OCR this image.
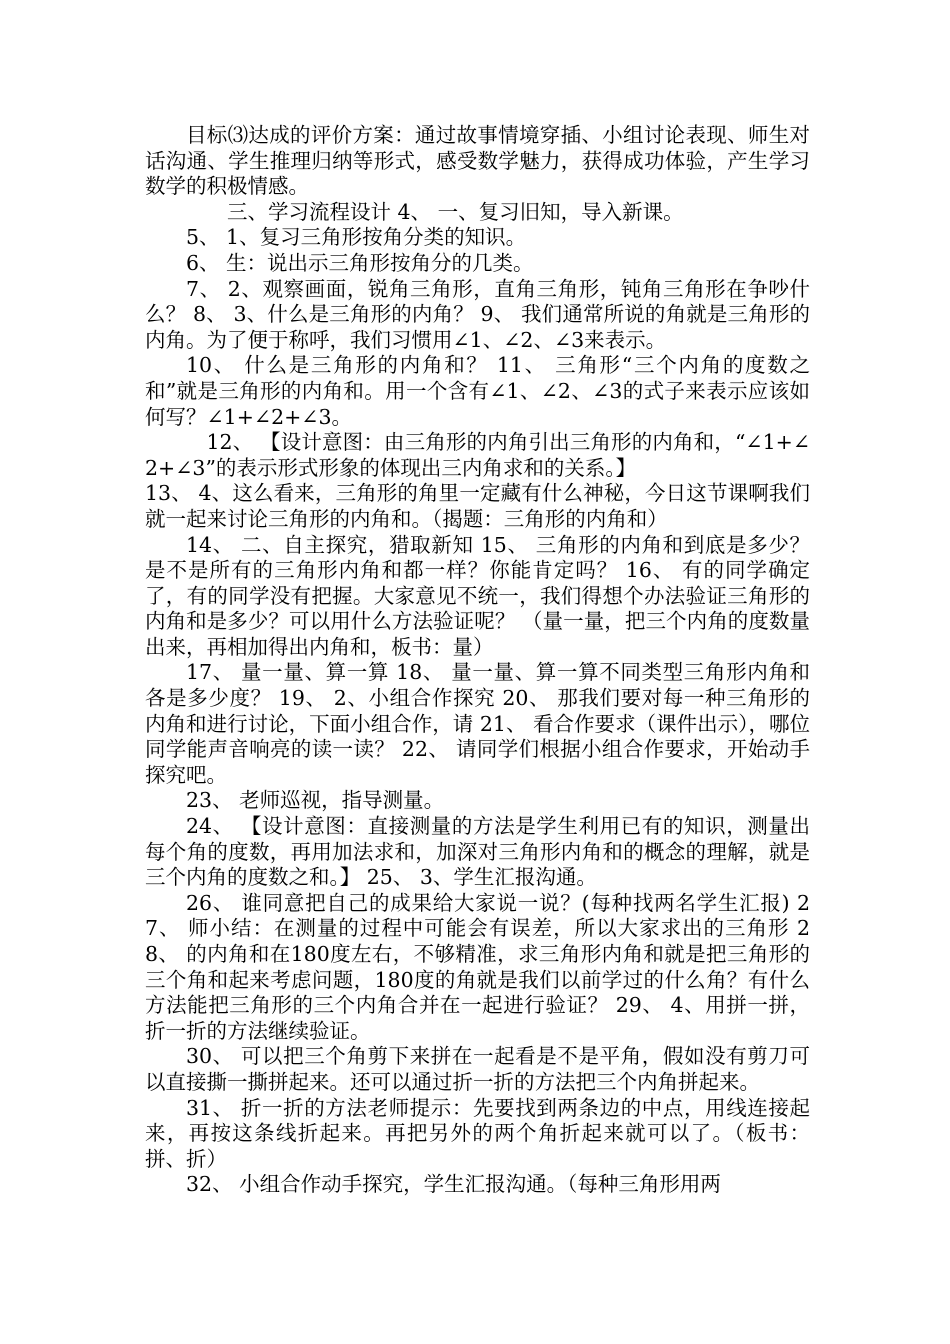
目标⑶达成的评价方案：通过故事情境穿插、小组讨论表现、师生对话沟通、学生推理归纳等形式，感受数学魅力，获得成功体验，产生学习数学的积极情感。

三、学习流程设计 4、 一、复习旧知，导入新课。

5、 1、复习三角形按角分类的知识。

6、 生：说出示三角形按角分的几类。

7、 2、观察画面，锐角三角形，直角三角形，钝角三角形在争吵什么？ 8、 3、什么是三角形的内角？ 9、 我们通常所说的角就是三角形的内角。为了便于称呼，我们习惯用∠1、∠2、∠3来表示。

10、 什么是三角形的内角和？ 11、 三角形“三个内角的度数之和”就是三角形的内角和。用一个含有∠1、∠2、∠3的式子来表示应该如何写？∠1+∠2+∠3。

12、 【设计意图：由三角形的内角引出三角形的内角和，“∠1+∠2+∠3”的表示形式形象的体现出三内角求和的关系。】

13、 4、这么看来，三角形的角里一定藏有什么神秘，今日这节课啊我们就一起来讨论三角形的内角和。（揭题：三角形的内角和）

14、 二、自主探究，猎取新知 15、 三角形的内角和到底是多少？是不是所有的三角形内角和都一样？你能肯定吗？ 16、 有的同学确定了，有的同学没有把握。大家意见不统一，我们得想个办法验证三角形的内角和是多少？可以用什么方法验证呢？ （量一量，把三个内角的度数量出来，再相加得出内角和，板书：量）

17、 量一量、算一算 18、 量一量、算一算不同类型三角形内角和各是多少度？ 19、 2、小组合作探究 20、 那我们要对每一种三角形的内角和进行讨论，下面小组合作，请 21、 看合作要求（课件出示），哪位同学能声音响亮的读一读？ 22、 请同学们根据小组合作要求，开始动手探究吧。

23、 老师巡视，指导测量。

24、 【设计意图：直接测量的方法是学生利用已有的知识，测量出每个角的度数，再用加法求和，加深对三角形内角和的概念的理解，就是三个内角的度数之和。】 25、 3、学生汇报沟通。

26、 谁同意把自己的成果给大家说一说？(每种找两名学生汇报) 27、 师小结：在测量的过程中可能会有误差，所以大家求出的三角形 28、 的内角和在180度左右，不够精准，求三角形内角和就是把三角形的三个角和起来考虑问题，180度的角就是我们以前学过的什么角？有什么方法能把三角形的三个内角合并在一起进行验证？ 29、 4、用拼一拼，折一折的方法继续验证。

30、 可以把三个角剪下来拼在一起看是不是平角，假如没有剪刀可以直接撕一撕拼起来。还可以通过折一折的方法把三个内角拼起来。

31、 折一折的方法老师提示：先要找到两条边的中点，用线连接起来，再按这条线折起来。再把另外的两个角折起来就可以了。（板书：拼、折）

32、 小组合作动手探究，学生汇报沟通。（每种三角形用两
